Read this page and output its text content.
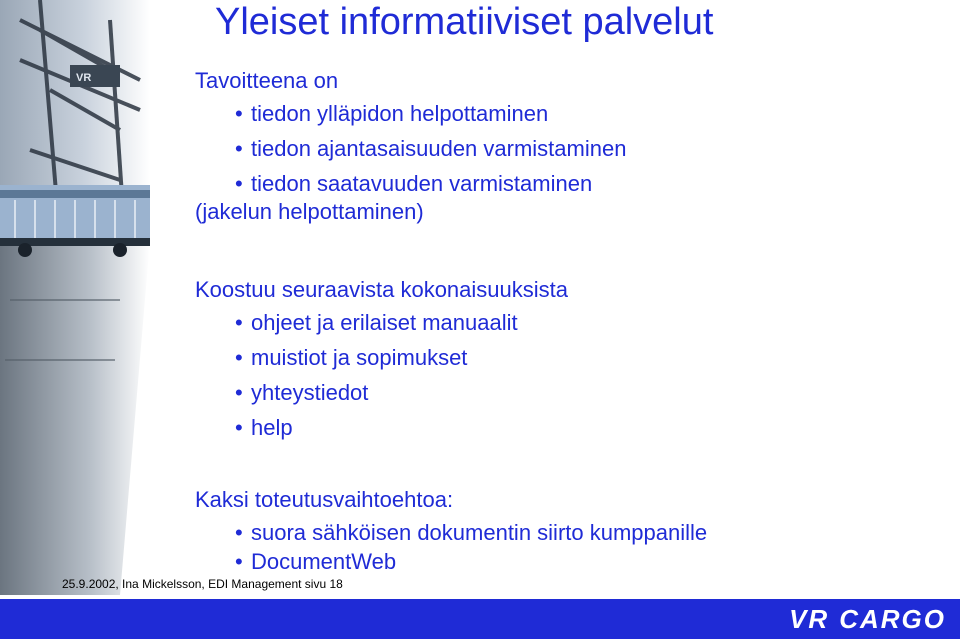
VR
Yleiset informatiiviset palvelut
Tavoitteena on
• tiedon ylläpidon helpottaminen
• tiedon ajantasaisuuden varmistaminen
• tiedon saatavuuden varmistaminen
(jakelun helpottaminen)
Koostuu seuraavista kokonaisuuksista
• ohjeet ja erilaiset manuaalit
• muistiot ja sopimukset
• yhteystiedot
• help
Kaksi toteutusvaihtoehtoa:
• suora sähköisen dokumentin siirto kumppanille
• DocumentWeb
25.9.2002, Ina Mickelsson, EDI Management sivu 18
VR CARGO
